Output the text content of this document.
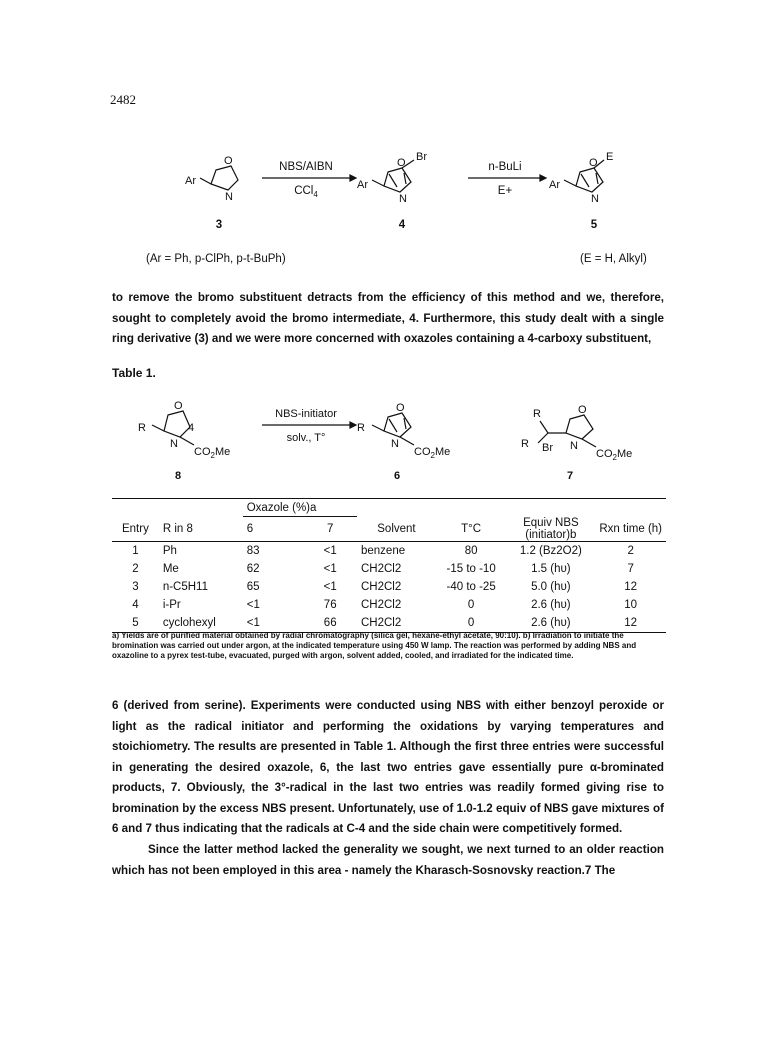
2482
Ar
O
N
Ar
O
N
Br
Ar
O
N
E
NBS/AIBN
CCl$_4$
n-BuLi
E+
3	4	5
(Ar = Ph, p-ClPh, p-t-BuPh)	(E = H, Alkyl)

to remove the bromo substituent detracts from the efficiency of this method and we, therefore, sought to completely avoid the bromo intermediate, 4. Furthermore, this study dealt with a single ring derivative (3) and we were more concerned with oxazoles containing a 4-carboxy substituent,

Table 1.
R
O
4
N
$CO_2Me$
R
O
N
$CO_2Me$
R
R Br
O
N
$CO_2Me$
NBS-initiator
solv., T°
8	6	7
		Oxazole (%)a					
Entry	R in 8	6	7	Solvent	T°C	Equiv NBS (initiator)b	Rxn time (h)
1	Ph	83	<1	benzene	80	1.2 (Bz2O2)	2
2	Me	62	<1	CH2Cl2	-15 to -10	1.5 (hυ)	7
3	n-C5H11	65	<1	CH2Cl2	-40 to -25	5.0 (hυ)	12
4	i-Pr	<1	76	CH2Cl2	0	2.6 (hυ)	10
5	cyclohexyl	<1	66	CH2Cl2	0	2.6 (hυ)	12
a) Yields are of purified material obtained by radial chromatography (silica gel, hexane-ethyl acetate, 90:10). b) Irradiation to initiate the bromination was carried out under argon, at the indicated temperature using 450 W lamp. The reaction was performed by adding NBS and oxazoline to a pyrex test-tube, evacuated, purged with argon, solvent added, cooled, and irradiated for the indicated time.

6 (derived from serine). Experiments were conducted using NBS with either benzoyl peroxide or light as the radical initiator and performing the oxidations by varying temperatures and stoichiometry. The results are presented in Table 1. Although the first three entries were successful in generating the desired oxazole, 6, the last two entries gave essentially pure α-brominated products, 7. Obviously, the 3°-radical in the last two entries was readily formed giving rise to bromination by the excess NBS present. Unfortunately, use of 1.0-1.2 equiv of NBS gave mixtures of 6 and 7 thus indicating that the radicals at C-4 and the side chain were competitively formed.

Since the latter method lacked the generality we sought, we next turned to an older reaction which has not been employed in this area - namely the Kharasch-Sosnovsky reaction.7 The
